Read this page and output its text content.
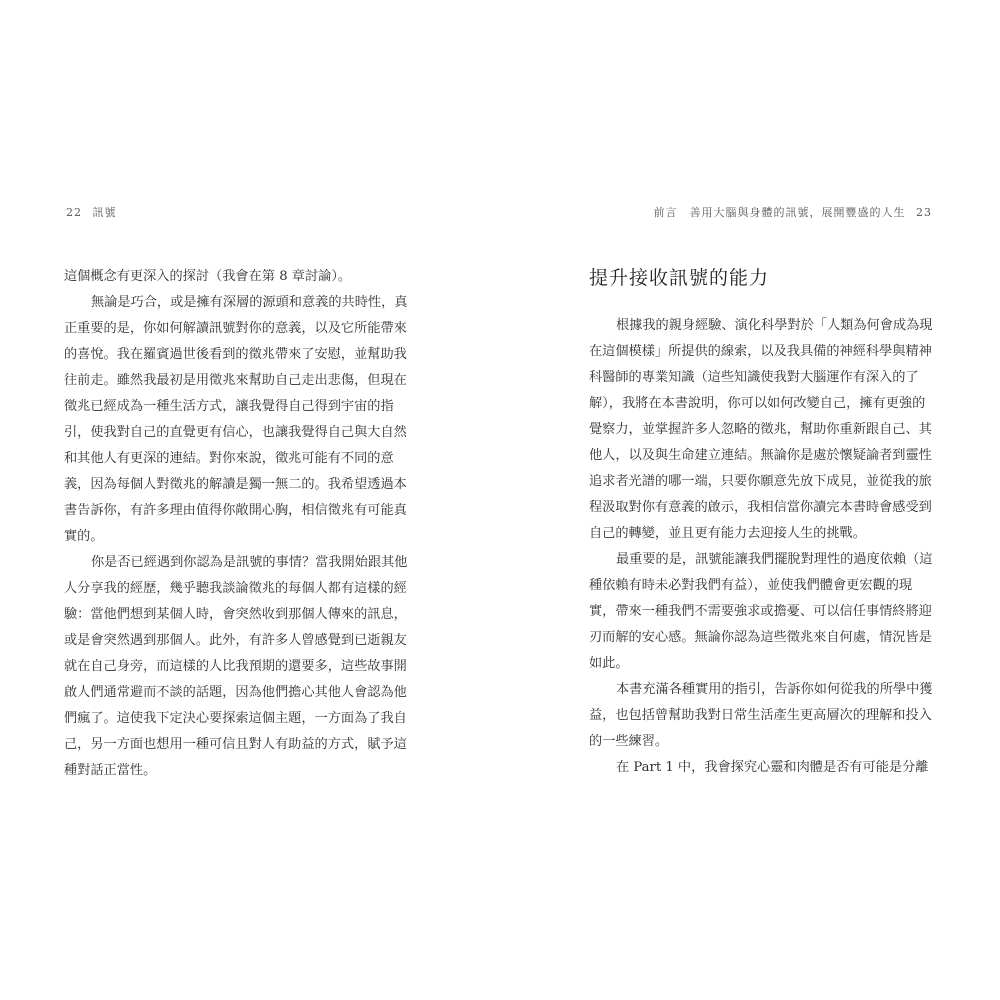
22 訊號	前言　善用大腦與身體的訊號，展開豐盛的人生 23
這個概念有更深入的探討（我會在第 8 章討論）。
無論是巧合，或是擁有深層的源頭和意義的共時性，真
正重要的是，你如何解讀訊號對你的意義，以及它所能帶來
的喜悅。我在羅賓過世後看到的徵兆帶來了安慰，並幫助我
往前走。雖然我最初是用徵兆來幫助自己走出悲傷，但現在
徵兆已經成為一種生活方式，讓我覺得自己得到宇宙的指
引，使我對自己的直覺更有信心，也讓我覺得自己與大自然
和其他人有更深的連結。對你來說，徵兆可能有不同的意
義，因為每個人對徵兆的解讀是獨一無二的。我希望透過本
書告訴你，有許多理由值得你敞開心胸，相信徵兆有可能真
實的。
你是否已經遇到你認為是訊號的事情？當我開始跟其他
人分享我的經歷，幾乎聽我談論徵兆的每個人都有這樣的經
驗：當他們想到某個人時，會突然收到那個人傳來的訊息，
或是會突然遇到那個人。此外，有許多人曾感覺到已逝親友
就在自己身旁，而這樣的人比我預期的還要多，這些故事開
啟人們通常避而不談的話題，因為他們擔心其他人會認為他
們瘋了。這使我下定決心要探索這個主題，一方面為了我自
己，另一方面也想用一種可信且對人有助益的方式，賦予這
種對話正當性。
提升接收訊號的能力
根據我的親身經驗、演化科學對於「人類為何會成為現
在這個模樣」所提供的線索，以及我具備的神經科學與精神
科醫師的專業知識（這些知識使我對大腦運作有深入的了
解），我將在本書說明，你可以如何改變自己，擁有更強的
覺察力，並掌握許多人忽略的徵兆，幫助你重新跟自己、其
他人，以及與生命建立連結。無論你是處於懷疑論者到靈性
追求者光譜的哪一端，只要你願意先放下成見，並從我的旅
程汲取對你有意義的啟示，我相信當你讀完本書時會感受到
自己的轉變，並且更有能力去迎接人生的挑戰。
最重要的是，訊號能讓我們擺脫對理性的過度依賴（這
種依賴有時未必對我們有益），並使我們體會更宏觀的現
實，帶來一種我們不需要強求或擔憂、可以信任事情終將迎
刃而解的安心感。無論你認為這些徵兆來自何處，情況皆是
如此。
本書充滿各種實用的指引，告訴你如何從我的所學中獲
益，也包括曾幫助我對日常生活產生更高層次的理解和投入
的一些練習。
在 Part 1 中，我會探究心靈和肉體是否有可能是分離
